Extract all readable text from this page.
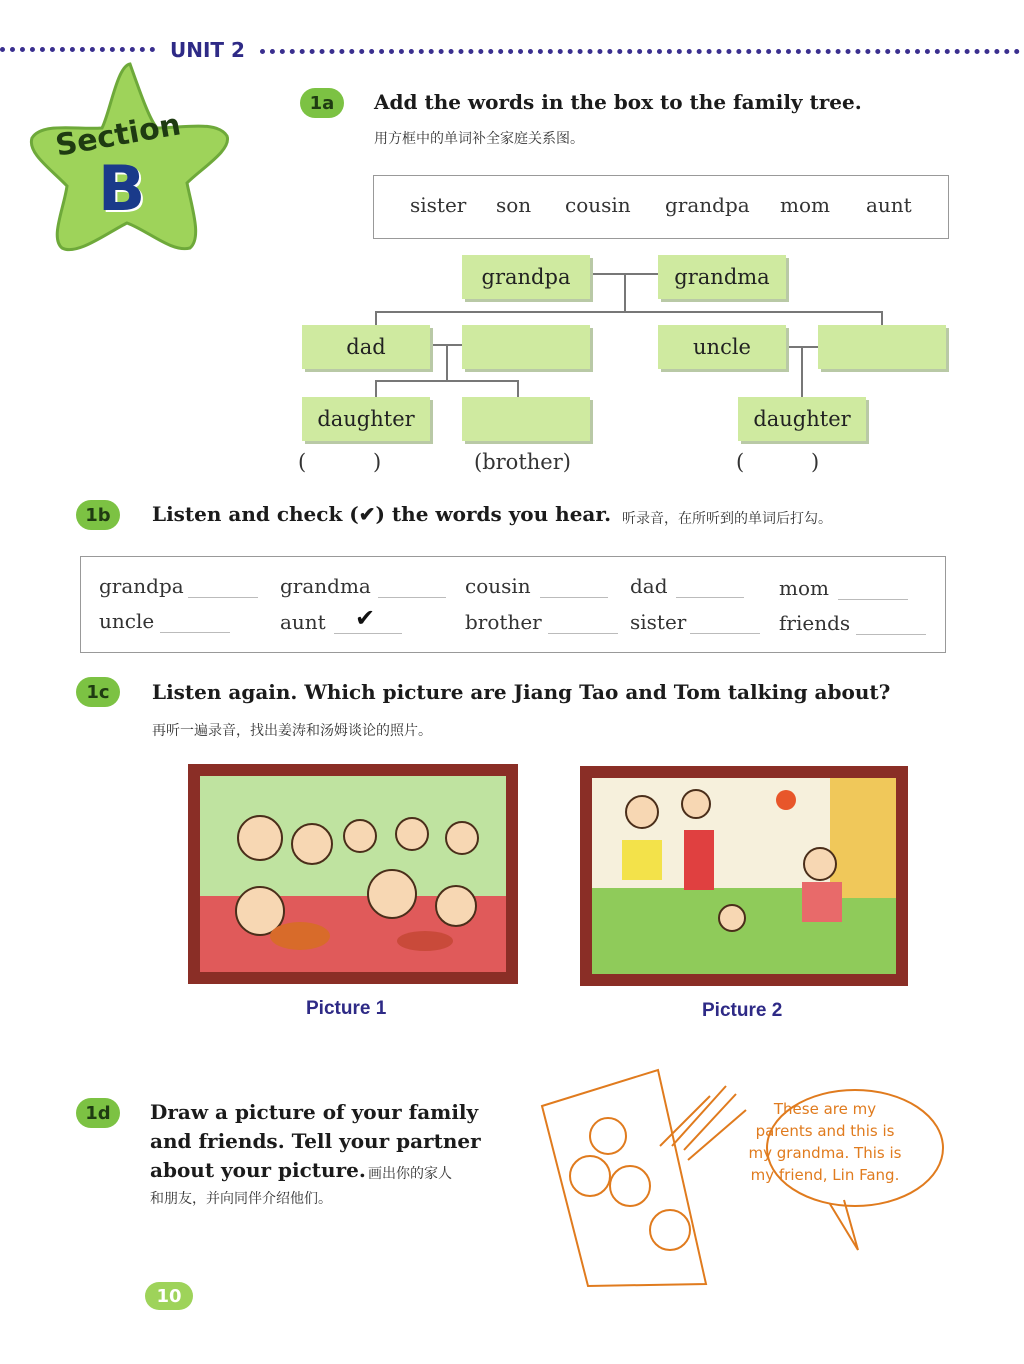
UNIT 2
Section
B
1a	Add the words in the box to the family tree.
用方框中的单词补全家庭关系图。
sister son cousin grandpa mom aunt
grandpa	grandma
dad	uncle
daughter	daughter
(          )	(brother)	(          )
1b	Listen and check (✔) the words you hear. 听录音，在所听到的单词后打勾。
grandpa	grandma	cousin	dad	mom
uncle	aunt ✔	brother	sister	friends
1c	Listen again. Which picture are Jiang Tao and Tom talking about?
再听一遍录音，找出姜涛和汤姆谈论的照片。
Picture 1	Picture 2
1d	Draw a picture of your family
and friends. Tell your partner
about your picture. 画出你的家人
和朋友，并向同伴介绍他们。
These are my
parents and this is
my grandma. This is
my friend, Lin Fang.
10
